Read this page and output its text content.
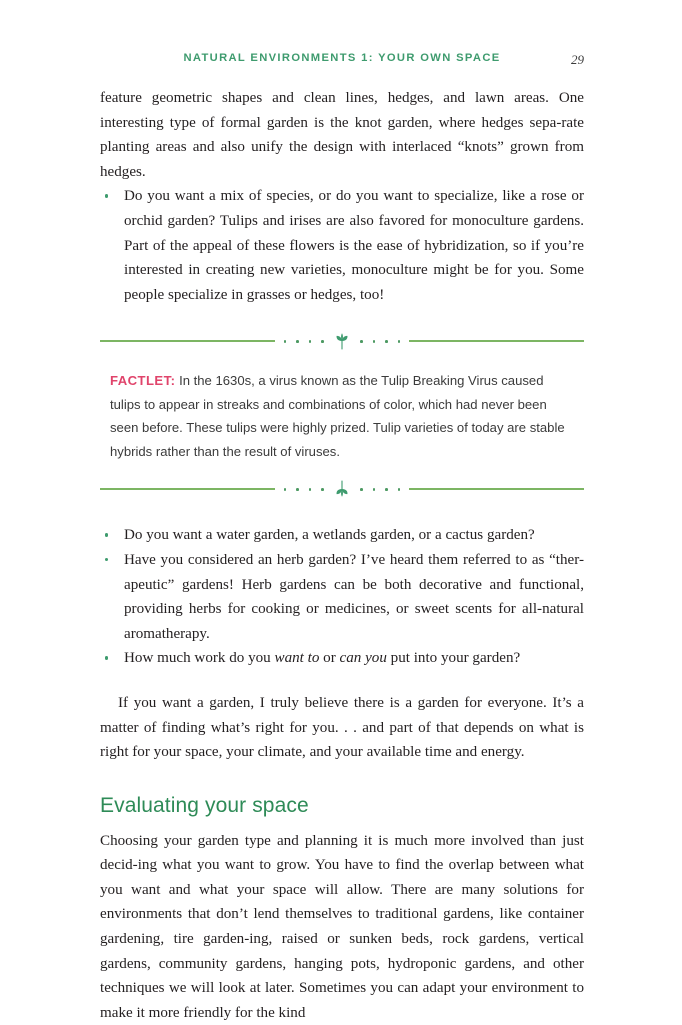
NATURAL ENVIRONMENTS 1: YOUR OWN SPACE	29

feature geometric shapes and clean lines, hedges, and lawn areas. One interesting type of formal garden is the knot garden, where hedges sepa-rate planting areas and also unify the design with interlaced “knots” grown from hedges.

Do you want a mix of species, or do you want to specialize, like a rose or orchid garden? Tulips and irises are also favored for monoculture gardens. Part of the appeal of these flowers is the ease of hybridization, so if you’re interested in creating new varieties, monoculture might be for you. Some people specialize in grasses or hedges, too!
FACTLET: In the 1630s, a virus known as the Tulip Breaking Virus caused tulips to appear in streaks and combinations of color, which had never been seen before. These tulips were highly prized. Tulip varieties of today are stable hybrids rather than the result of viruses.
Do you want a water garden, a wetlands garden, or a cactus garden?
Have you considered an herb garden? I’ve heard them referred to as “ther-apeutic” gardens! Herb gardens can be both decorative and functional, providing herbs for cooking or medicines, or sweet scents for all-natural aromatherapy.
How much work do you want to or can you put into your garden?

If you want a garden, I truly believe there is a garden for everyone. It’s a matter of finding what’s right for you. . . and part of that depends on what is right for your space, your climate, and your available time and energy.

Evaluating your space

Choosing your garden type and planning it is much more involved than just decid-ing what you want to grow. You have to find the overlap between what you want and what your space will allow. There are many solutions for environments that don’t lend themselves to traditional gardens, like container gardening, tire garden-ing, raised or sunken beds, rock gardens, vertical gardens, community gardens, hanging pots, hydroponic gardens, and other techniques we will look at later. Sometimes you can adapt your environment to make it more friendly for the kind
